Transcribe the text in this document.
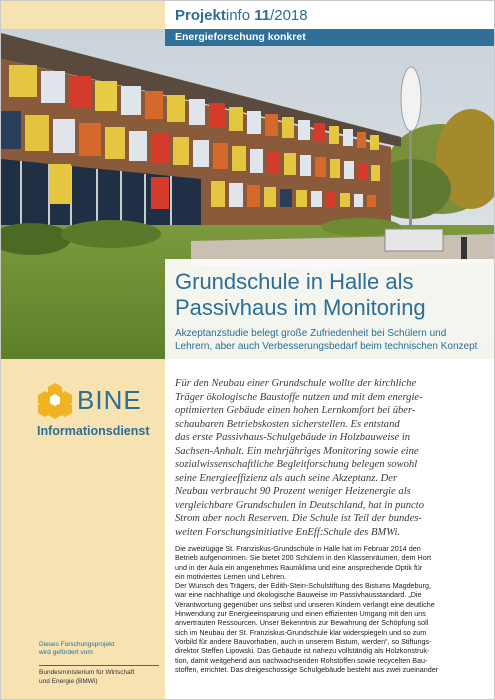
Projektinfo 11/2018
Energieforschung konkret
Grundschule in Halle als
Passivhaus im Monitoring
Akzeptanzstudie belegt große Zufriedenheit bei Schülern und Lehrern, aber auch Verbesserungsbedarf beim technischen Konzept
BINE
Informationsdienst
Dieses Forschungsprojekt
wird gefördert vom
Bundesministerium für Wirtschaft
und Energie (BMWi)
Für den Neubau einer Grundschule wollte der kirchliche
Träger ökologische Baustoffe nutzen und mit dem energie-
optimierten Gebäude einen hohen Lernkomfort bei über-
schaubaren Betriebskosten sicherstellen. Es entstand
das erste Passivhaus-Schulgebäude in Holzbauweise in
Sachsen-Anhalt. Ein mehrjähriges Monitoring sowie eine
sozialwissenschaftliche Begleitforschung belegen sowohl
seine Energieeffizienz als auch seine Akzeptanz. Der
Neubau verbraucht 90 Prozent weniger Heizenergie als
vergleichbare Grundschulen in Deutschland, hat in puncto
Strom aber noch Reserven. Die Schule ist Teil der bundes-
weiten Forschungsinitiative EnEff:Schule des BMWi.
Die zweizügige St. Franziskus-Grundschule in Halle hat im Februar 2014 den
Betrieb aufgenommen. Sie bietet 200 Schülern in den Klassenräumen, dem Hort
und in der Aula ein angenehmes Raumklima und eine ansprechende Optik für
ein motiviertes Lernen und Lehren.
Der Wunsch des Trägers, der Edith-Stein-Schulstiftung des Bistums Magdeburg,
war eine nachhaltige und ökologische Bauweise im Passivhausstandard. „Die
Verantwortung gegenüber uns selbst und unseren Kindern verlangt eine deutliche
Hinwendung zur Energieeinsparung und einen effizienten Umgang mit den uns
anvertrauten Ressourcen. Unser Bekenntnis zur Bewahrung der Schöpfung soll
sich im Neubau der St. Franziskus-Grundschule klar widerspiegeln und so zum
Vorbild für andere Bauvorhaben, auch in unserem Bistum, werden“, so Stiftungs-
direktor Steffen Lipowski. Das Gebäude ist nahezu vollständig als Holzkonstruk-
tion, damit weitgehend aus nachwachsenden Rohstoffen sowie recycelten Bau-
stoffen, errichtet. Das dreigeschossige Schulgebäude besteht aus zwei zueinander
